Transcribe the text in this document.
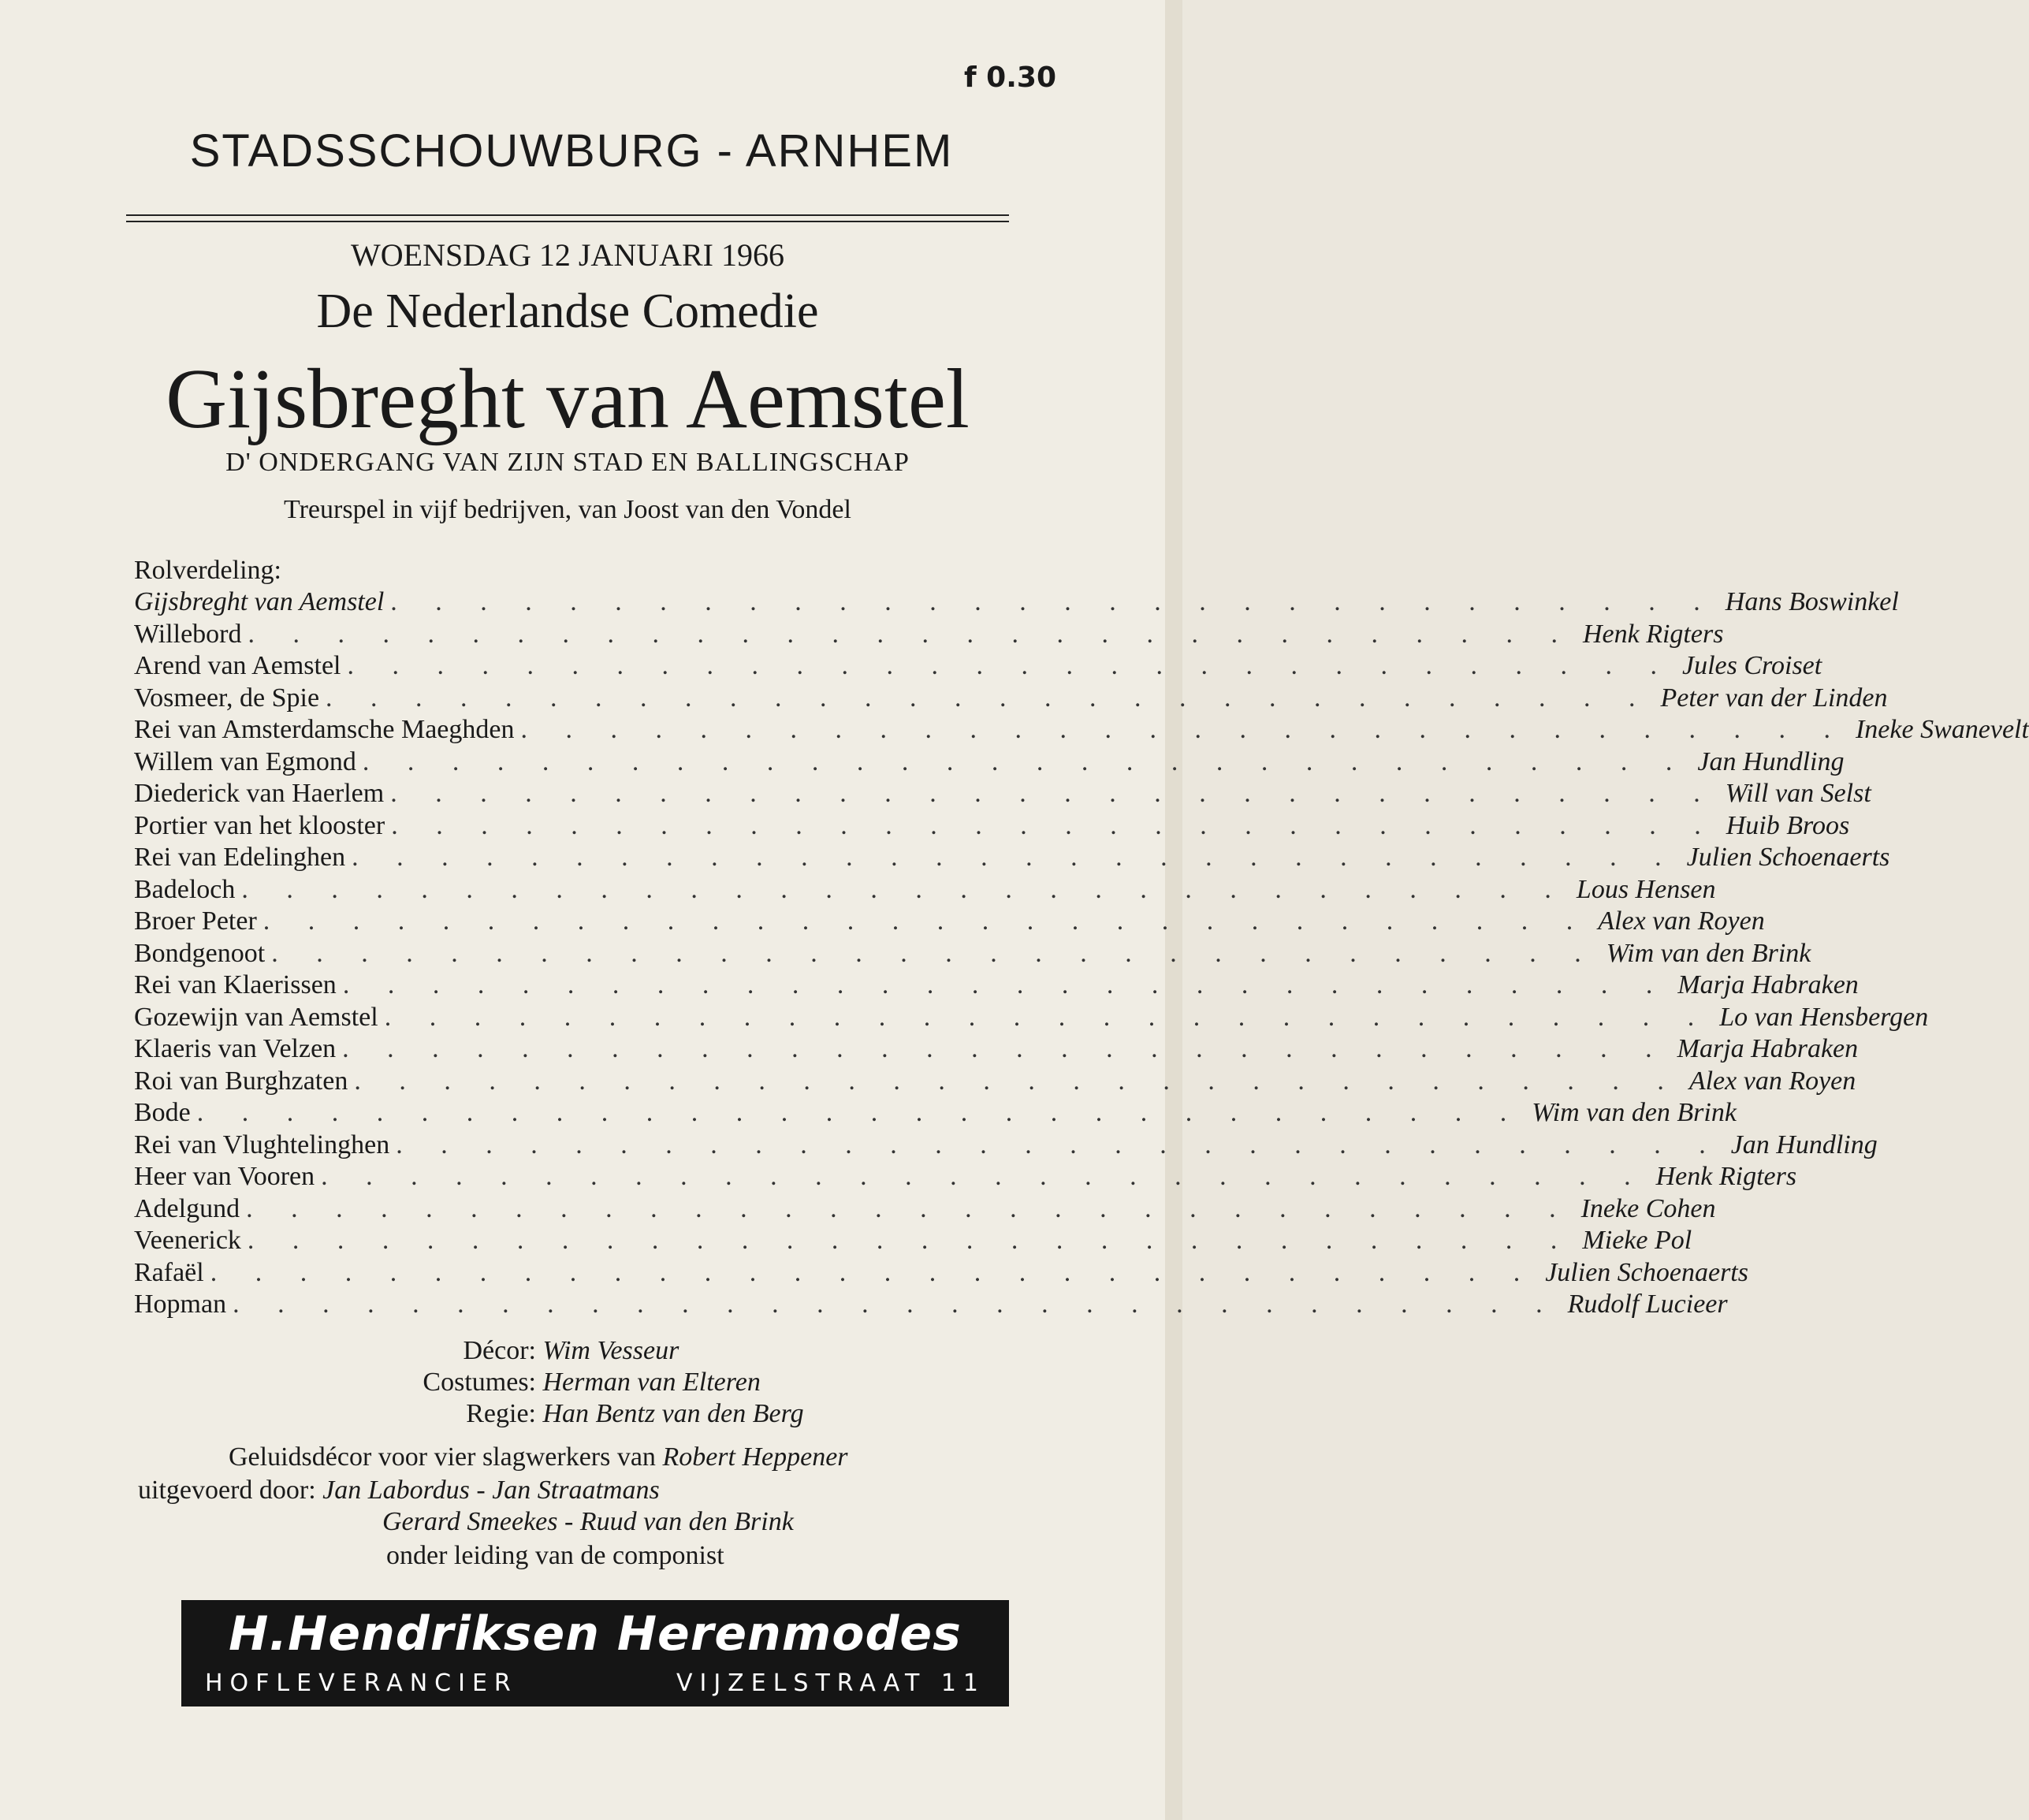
f 0.30
STADSSCHOUWBURG - ARNHEM
WOENSDAG 12 JANUARI 1966
De Nederlandse Comedie
Gijsbreght van Aemstel
D' ONDERGANG VAN ZIJN STAD EN BALLINGSCHAP
Treurspel in vijf bedrijven, van Joost van den Vondel
Rolverdeling:
Gijsbreght van Aemstel . . . . . . . . . . . . . . . . . . . . . . . . . . . . . . Hans Boswinkel
Willebord . . . . . . . . . . . . . . . . . . . . . . . . . . . . . . Henk Rigters
Arend van Aemstel . . . . . . . . . . . . . . . . . . . . . . . . . . . . . . Jules Croiset
Vosmeer, de Spie . . . . . . . . . . . . . . . . . . . . . . . . . . . . . . Peter van der Linden
Rei van Amsterdamsche Maeghden . . . . . . . . . . . . . . . . . . . . . . . . . . . . . . Ineke Swanevelt
Willem van Egmond . . . . . . . . . . . . . . . . . . . . . . . . . . . . . . Jan Hundling
Diederick van Haerlem . . . . . . . . . . . . . . . . . . . . . . . . . . . . . . Will van Selst
Portier van het klooster . . . . . . . . . . . . . . . . . . . . . . . . . . . . . . Huib Broos
Rei van Edelinghen . . . . . . . . . . . . . . . . . . . . . . . . . . . . . . Julien Schoenaerts
Badeloch . . . . . . . . . . . . . . . . . . . . . . . . . . . . . . Lous Hensen
Broer Peter . . . . . . . . . . . . . . . . . . . . . . . . . . . . . . Alex van Royen
Bondgenoot . . . . . . . . . . . . . . . . . . . . . . . . . . . . . . Wim van den Brink
Rei van Klaerissen . . . . . . . . . . . . . . . . . . . . . . . . . . . . . . Marja Habraken
Gozewijn van Aemstel . . . . . . . . . . . . . . . . . . . . . . . . . . . . . . Lo van Hensbergen
Klaeris van Velzen . . . . . . . . . . . . . . . . . . . . . . . . . . . . . . Marja Habraken
Roi van Burghzaten . . . . . . . . . . . . . . . . . . . . . . . . . . . . . . Alex van Royen
Bode . . . . . . . . . . . . . . . . . . . . . . . . . . . . . . Wim van den Brink
Rei van Vlughtelinghen . . . . . . . . . . . . . . . . . . . . . . . . . . . . . . Jan Hundling
Heer van Vooren . . . . . . . . . . . . . . . . . . . . . . . . . . . . . . Henk Rigters
Adelgund . . . . . . . . . . . . . . . . . . . . . . . . . . . . . . Ineke Cohen
Veenerick . . . . . . . . . . . . . . . . . . . . . . . . . . . . . . Mieke Pol
Rafaël . . . . . . . . . . . . . . . . . . . . . . . . . . . . . . Julien Schoenaerts
Hopman . . . . . . . . . . . . . . . . . . . . . . . . . . . . . . Rudolf Lucieer
Décor: Wim Vesseur
Costumes: Herman van Elteren
Regie: Han Bentz van den Berg
Geluidsdécor voor vier slagwerkers van Robert Heppener
uitgevoerd door: Jan Labordus - Jan Straatmans
Gerard Smeekes - Ruud van den Brink
onder leiding van de componist
H.Hendriksen Herenmodes
HOFLEVERANCIER	VIJZELSTRAAT 11
